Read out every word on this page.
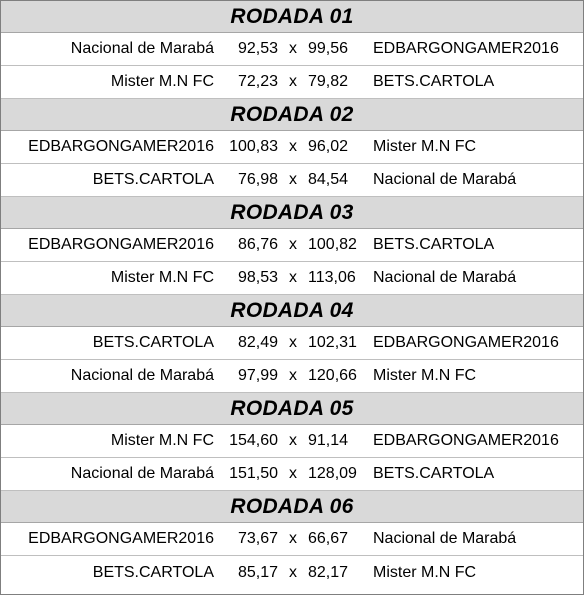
RODADA 01
Nacional de Marabá	92,53 x 99,56	EDBARGONGAMER2016
Mister M.N FC	72,23 x 79,82	BETS.CARTOLA
RODADA 02
EDBARGONGAMER2016 100,83 x 96,02	Mister M.N FC
BETS.CARTOLA	76,98 x 84,54	Nacional de Marabá
RODADA 03
EDBARGONGAMER2016	86,76 x 100,82	BETS.CARTOLA
Mister M.N FC	98,53 x 113,06	Nacional de Marabá
RODADA 04
BETS.CARTOLA	82,49 x 102,31	EDBARGONGAMER2016
Nacional de Marabá	97,99 x 120,66	Mister M.N FC
RODADA 05
Mister M.N FC 154,60 x 91,14	EDBARGONGAMER2016
Nacional de Marabá 151,50 x 128,09	BETS.CARTOLA
RODADA 06
EDBARGONGAMER2016	73,67 x 66,67	Nacional de Marabá
BETS.CARTOLA	85,17 x 82,17	Mister M.N FC
